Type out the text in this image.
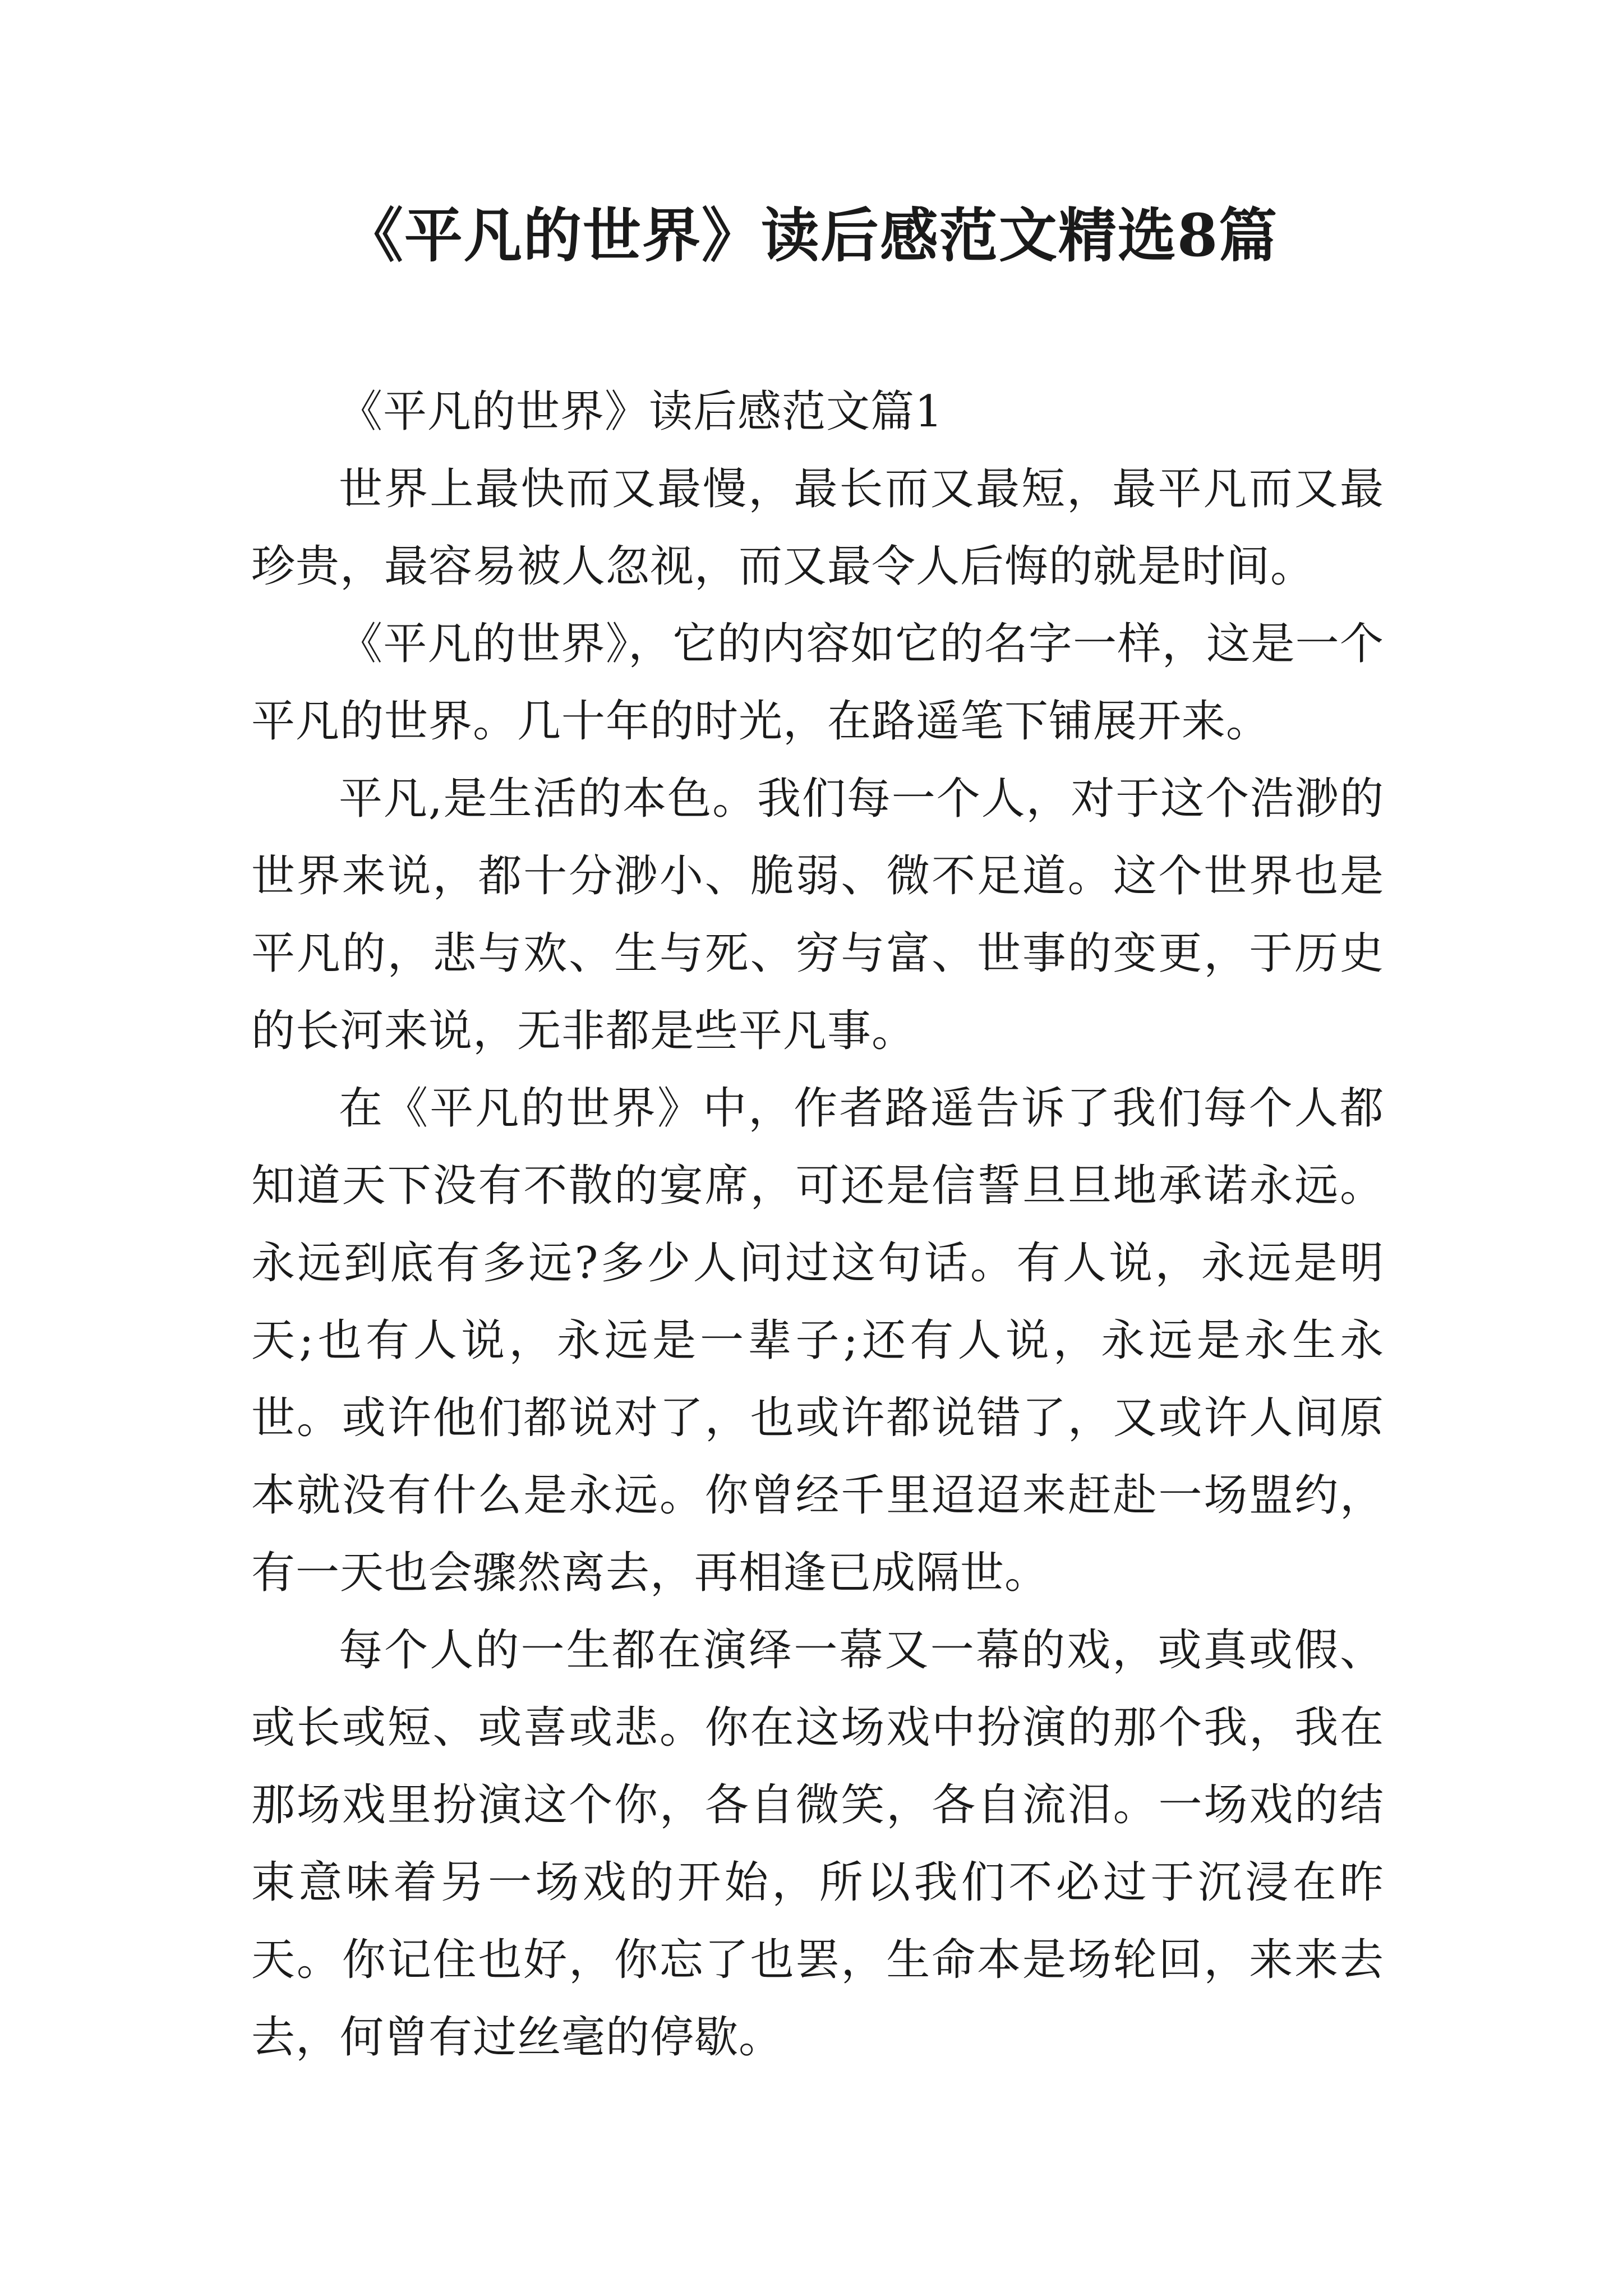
《平凡的世界》读后感范文精选8篇

《平凡的世界》读后感范文篇1

世界上最快而又最慢，最长而又最短，最平凡而又最珍贵，最容易被人忽视，而又最令人后悔的就是时间。

《平凡的世界》，它的内容如它的名字一样，这是一个平凡的世界。几十年的时光，在路遥笔下铺展开来。

平凡,是生活的本色。我们每一个人，对于这个浩渺的世界来说，都十分渺小、脆弱、微不足道。这个世界也是平凡的，悲与欢、生与死、穷与富、世事的变更，于历史的长河来说，无非都是些平凡事。

在《平凡的世界》中，作者路遥告诉了我们每个人都知道天下没有不散的宴席，可还是信誓旦旦地承诺永远。永远到底有多远?多少人问过这句话。有人说，永远是明天;也有人说，永远是一辈子;还有人说，永远是永生永世。或许他们都说对了，也或许都说错了，又或许人间原本就没有什么是永远。你曾经千里迢迢来赶赴一场盟约，有一天也会骤然离去，再相逢已成隔世。

每个人的一生都在演绎一幕又一幕的戏，或真或假、或长或短、或喜或悲。你在这场戏中扮演的那个我，我在那场戏里扮演这个你，各自微笑，各自流泪。一场戏的结束意味着另一场戏的开始，所以我们不必过于沉浸在昨天。你记住也好，你忘了也罢，生命本是场轮回，来来去去，何曾有过丝毫的停歇。
